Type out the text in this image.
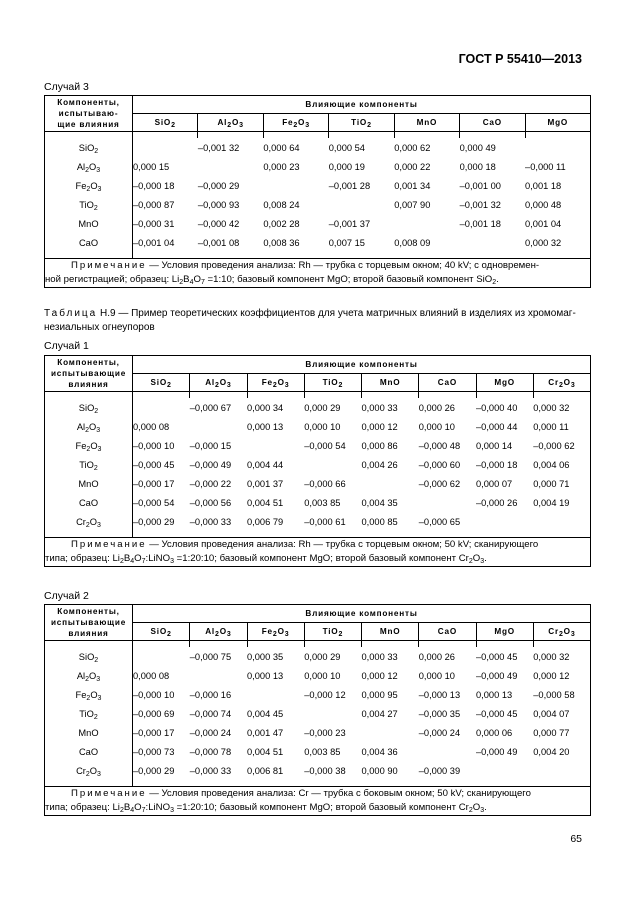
ГОСТ Р 55410—2013
Случай 3
Компоненты,
испытываю-
щие влияния	Влияющие компоненты						
	SiO$_2$	$Al_2O_3$	$Fe_2O_3$	TiO$_2$	MnO	CaO	MgO

SiO$_2$		–0,001 32	0,000 64	0,000 54	0,000 62	0,000 49	
$Al_2O_3$	0,000 15		0,000 23	0,000 19	0,000 22	0,000 18	–0,000 11
$Fe_2O_3$	–0,000 18	–0,000 29		–0,001 28	0,001 34	–0,001 00	0,001 18
TiO$_2$	–0,000 87	–0,000 93	0,008 24		0,007 90	–0,001 32	0,000 48
MnO	–0,000 31	–0,000 42	0,002 28	–0,001 37		–0,001 18	0,001 04
CaO	–0,001 04	–0,001 08	0,008 36	0,007 15	0,008 09		0,000 32

Примечание — Условия проведения анализа: Rh — трубка с торцевым окном; 40 kV; с одновремен-
ной регистрацией; образец: $Li_2B_4O_7$ =1:10; базовый компонент MgO; второй базовый компонент SiO$_2$.							
Таблица Н.9 — Пример теоретических коэффициентов для учета матричных влияний в изделиях из хромомаг-
незиальных огнеупоров
Случай 1
Компоненты,
испытывающие
влияния	Влияющие компоненты							
	SiO$_2$	$Al_2O_3$	$Fe_2O_3$	TiO$_2$	MnO	CaO	MgO	$Cr_2O_3$

SiO$_2$		–0,000 67	0,000 34	0,000 29	0,000 33	0,000 26	–0,000 40	0,000 32
$Al_2O_3$	0,000 08		0,000 13	0,000 10	0,000 12	0,000 10	–0,000 44	0,000 11
$Fe_2O_3$	–0,000 10	–0,000 15		–0,000 54	0,000 86	–0,000 48	0,000 14	–0,000 62
TiO$_2$	–0,000 45	–0,000 49	0,004 44		0,004 26	–0,000 60	–0,000 18	0,004 06
MnO	–0,000 17	–0,000 22	0,001 37	–0,000 66		–0,000 62	0,000 07	0,000 71
CaO	–0,000 54	–0,000 56	0,004 51	0,003 85	0,004 35		–0,000 26	0,004 19
$Cr_2O_3$	–0,000 29	–0,000 33	0,006 79	–0,000 61	0,000 85	–0,000 65		

Примечание — Условия проведения анализа: Rh — трубка с торцевым окном; 50 kV; сканирующего
типа; образец: $Li_2B_4O_7:LiNO_3$ =1:20:10; базовый компонент MgO; второй базовый компонент $Cr_2O_3$.								
Случай 2
Компоненты,
испытывающие
влияния	Влияющие компоненты							
	SiO$_2$	$Al_2O_3$	$Fe_2O_3$	TiO$_2$	MnO	CaO	MgO	$Cr_2O_3$

SiO$_2$		–0,000 75	0,000 35	0,000 29	0,000 33	0,000 26	–0,000 45	0,000 32
$Al_2O_3$	0,000 08		0,000 13	0,000 10	0,000 12	0,000 10	–0,000 49	0,000 12
$Fe_2O_3$	–0,000 10	–0,000 16		–0,000 12	0,000 95	–0,000 13	0,000 13	–0,000 58
TiO$_2$	–0,000 69	–0,000 74	0,004 45		0,004 27	–0,000 35	–0,000 45	0,004 07
MnO	–0,000 17	–0,000 24	0,001 47	–0,000 23		–0,000 24	0,000 06	0,000 77
CaO	–0,000 73	–0,000 78	0,004 51	0,003 85	0,004 36		–0,000 49	0,004 20
$Cr_2O_3$	–0,000 29	–0,000 33	0,006 81	–0,000 38	0,000 90	–0,000 39		

Примечание — Условия проведения анализа: Cr — трубка с боковым окном; 50 kV; сканирующего
типа; образец: $Li_2B_4O_7:LiNO_3$ =1:20:10; базовый компонент MgO; второй базовый компонент $Cr_2O_3$.								
65
